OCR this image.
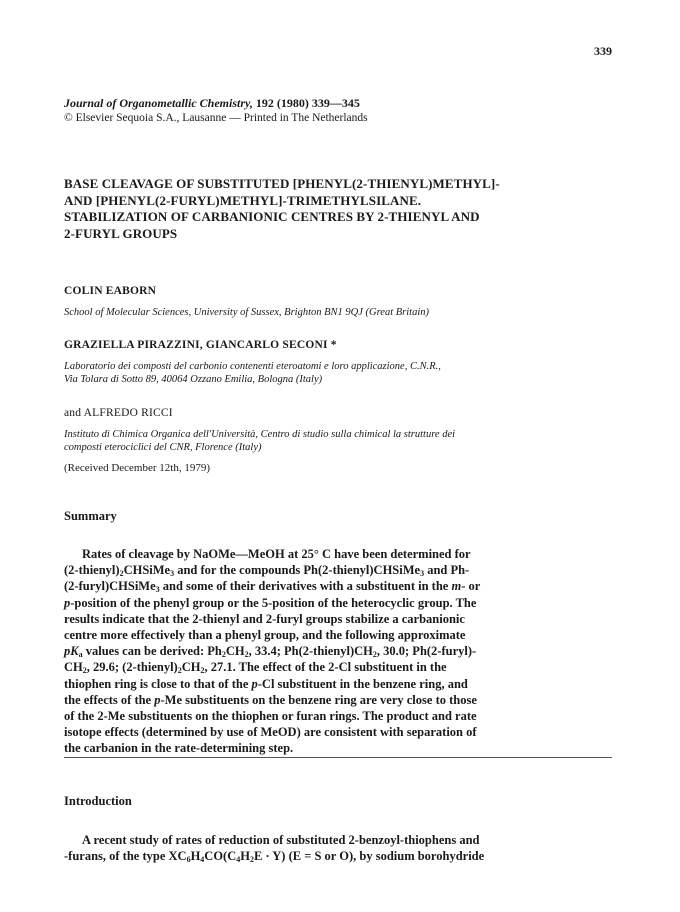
339
Journal of Organometallic Chemistry, 192 (1980) 339—345
© Elsevier Sequoia S.A., Lausanne — Printed in The Netherlands
BASE CLEAVAGE OF SUBSTITUTED [PHENYL(2-THIENYL)METHYL]-
AND [PHENYL(2-FURYL)METHYL]-TRIMETHYLSILANE.
STABILIZATION OF CARBANIONIC CENTRES BY 2-THIENYL AND
2-FURYL GROUPS
COLIN EABORN
School of Molecular Sciences, University of Sussex, Brighton BN1 9QJ (Great Britain)
GRAZIELLA PIRAZZINI, GIANCARLO SECONI *
Laboratorio dei composti del carbonio contenenti eteroatomi e loro applicazione, C.N.R.,
Via Tolara di Sotto 89, 40064 Ozzano Emilia, Bologna (Italy)
and ALFREDO RICCI
Instituto di Chimica Organica dell'Università, Centro di studio sulla chimical la strutture dei
composti eterociclici del CNR, Florence (Italy)
(Received December 12th, 1979)
Summary
Rates of cleavage by NaOMe—MeOH at 25° C have been determined for
$(2-thienyl)_2CHSiMe_3$ and for the compounds Ph(2-thienyl)CHSiMe$_3$ and Ph-
(2-furyl)CHSiMe$_3$ and some of their derivatives with a substituent in the m- or
p-position of the phenyl group or the 5-position of the heterocyclic group. The
results indicate that the 2-thienyl and 2-furyl groups stabilize a carbanionic
centre more effectively than a phenyl group, and the following approximate
$pK_a$ values can be derived: $Ph_2CH_2$, 33.4; $Ph(2-thienyl)CH_2$, 30.0; Ph(2-furyl)-
$CH_2$, 29.6; $(2-thienyl)_2CH_2$, 27.1. The effect of the 2-Cl substituent in the
thiophen ring is close to that of the p-Cl substituent in the benzene ring, and
the effects of the p-Me substituents on the benzene ring are very close to those
of the 2-Me substituents on the thiophen or furan rings. The product and rate
isotope effects (determined by use of MeOD) are consistent with separation of
the carbanion in the rate-determining step.
Introduction
A recent study of rates of reduction of substituted 2-benzoyl-thiophens and
-furans, of the type $XC_6H_4CO(C_4H_2E \cdot Y) (E = S$ or O), by sodium borohydride
